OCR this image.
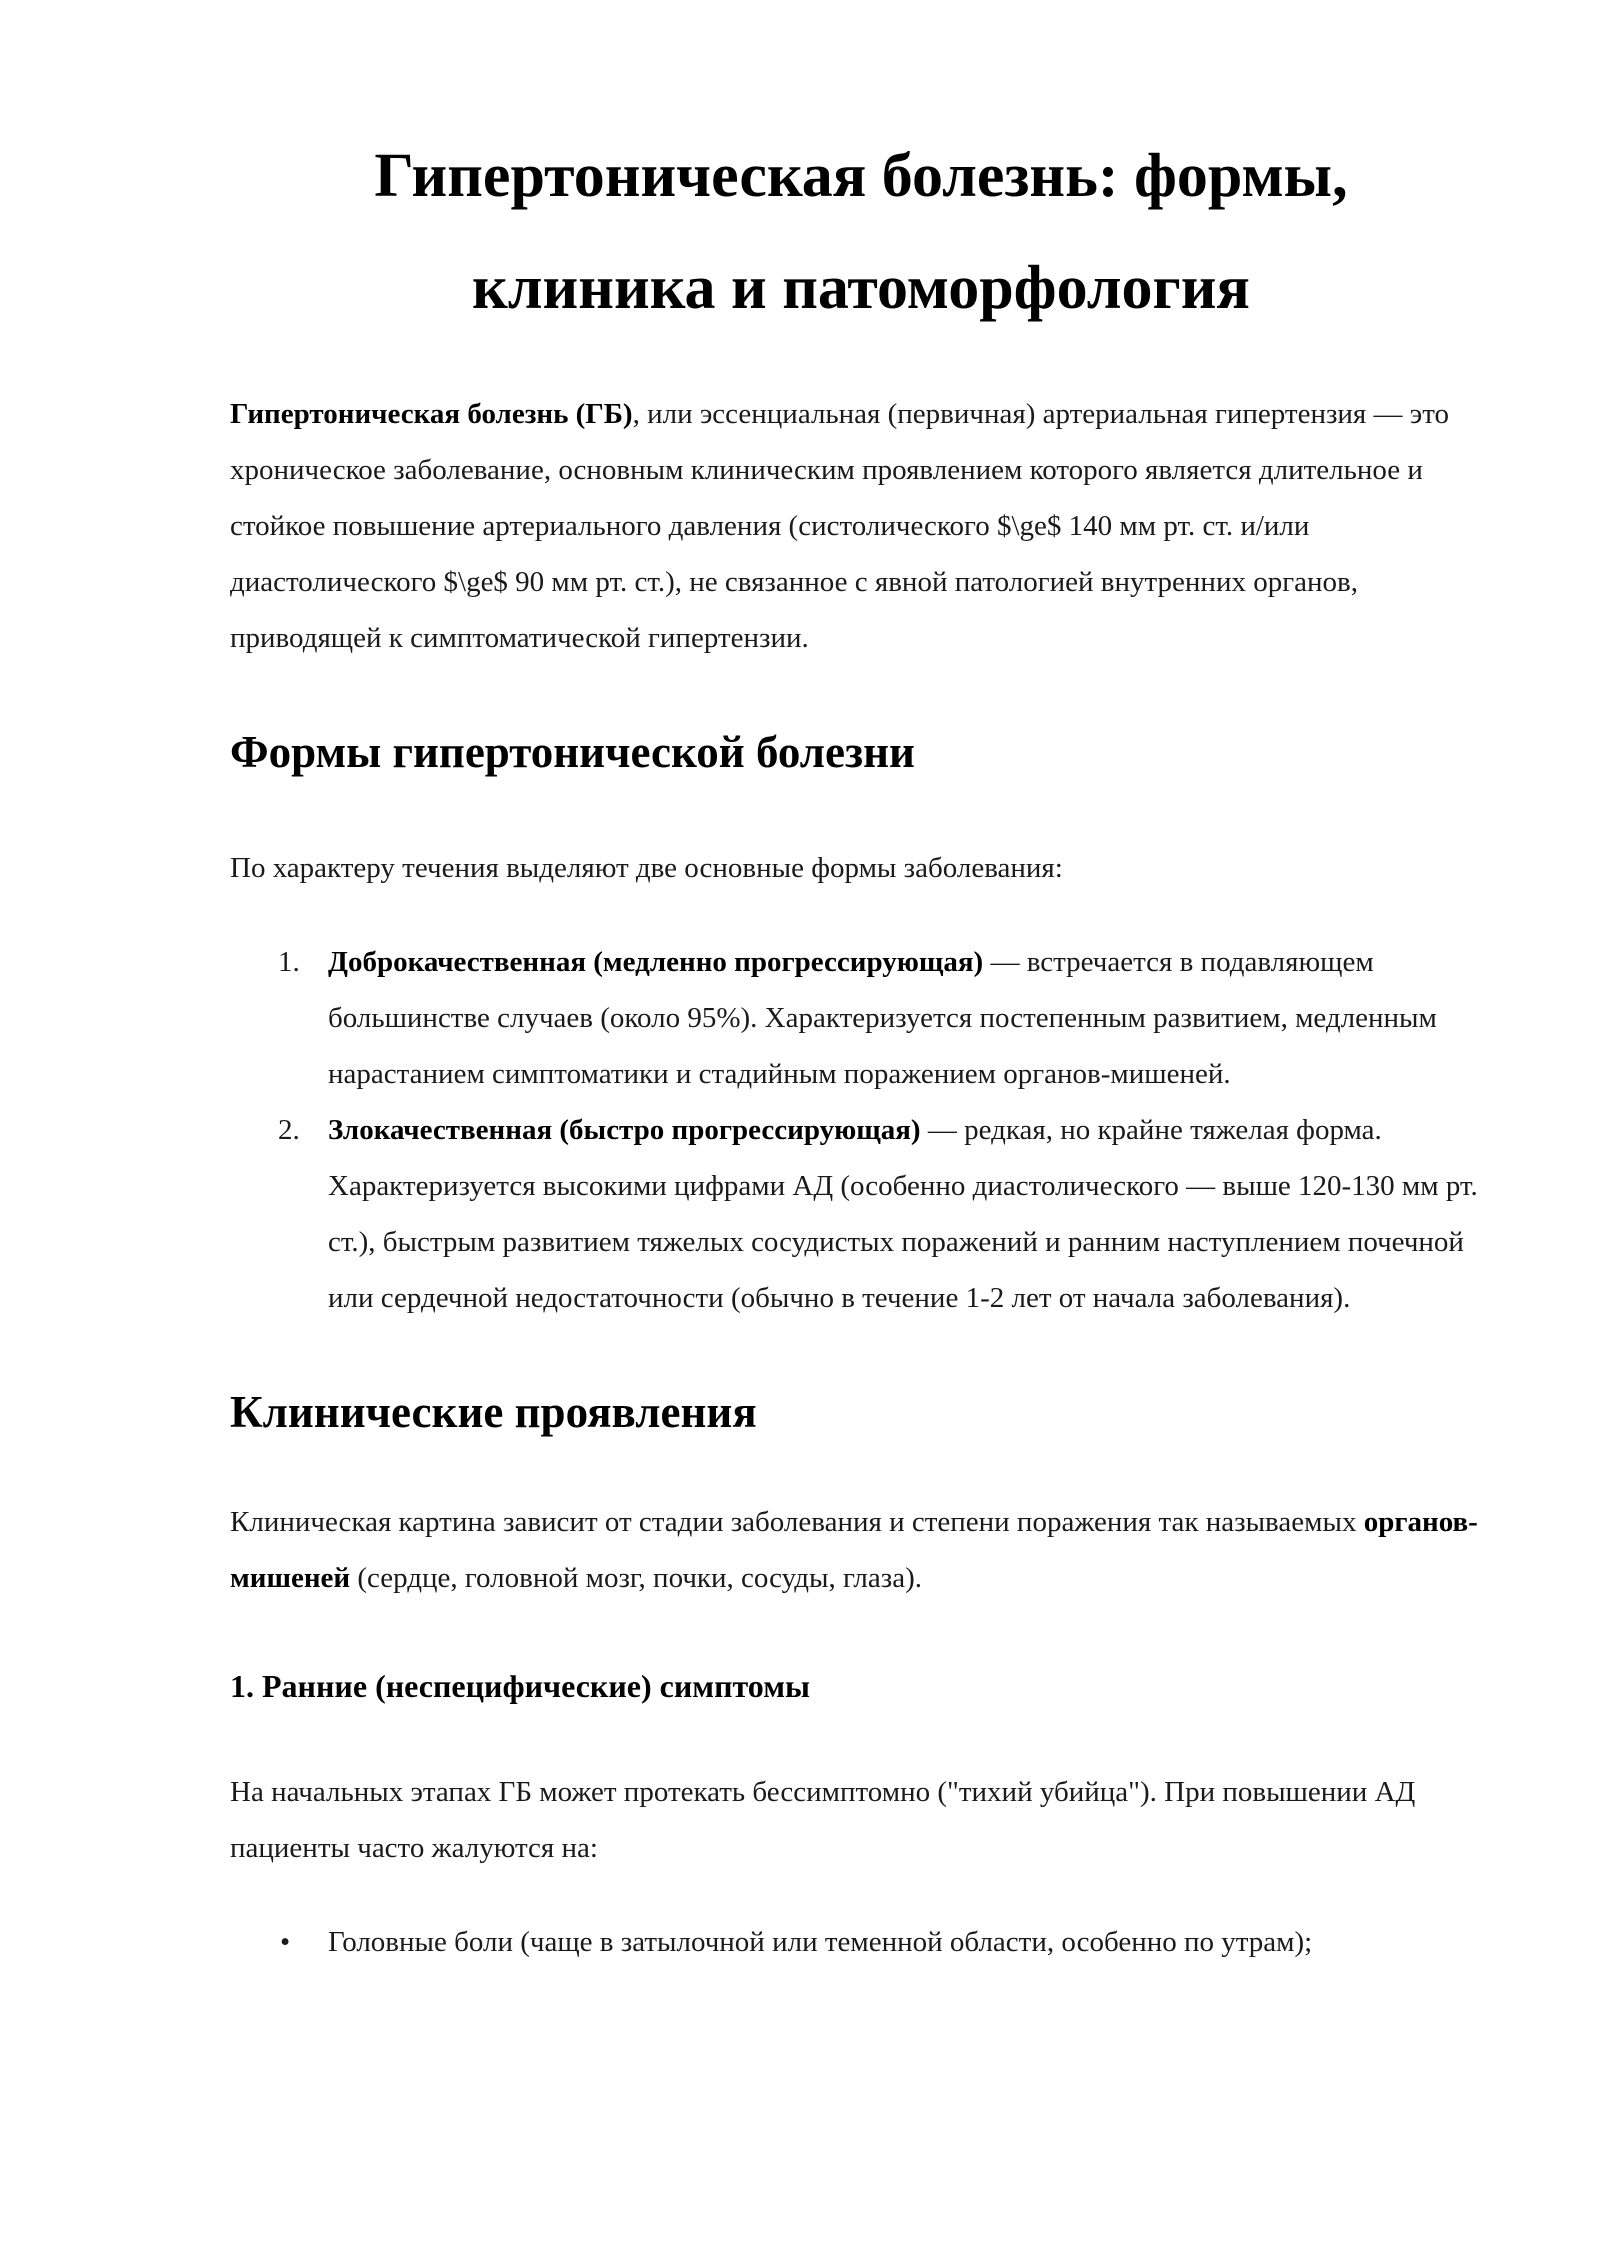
Гипертоническая болезнь: формы,
клиника и патоморфология

Гипертоническая болезнь (ГБ), или эссенциальная (первичная) артериальная гипертензия — это хроническое заболевание, основным клиническим проявлением которого является длительное и стойкое повышение артериального давления (систолического $\ge$ 140 мм рт. ст. и/или диастолического $\ge$ 90 мм рт. ст.), не связанное с явной патологией внутренних органов, приводящей к симптоматической гипертензии.

Формы гипертонической болезни

По характеру течения выделяют две основные формы заболевания:

1. Доброкачественная (медленно прогрессирующая) — встречается в подавляющем большинстве случаев (около 95%). Характеризуется постепенным развитием, медленным нарастанием симптоматики и стадийным поражением органов-мишеней.
2. Злокачественная (быстро прогрессирующая) — редкая, но крайне тяжелая форма. Характеризуется высокими цифрами АД (особенно диастолического — выше 120-130 мм рт. ст.), быстрым развитием тяжелых сосудистых поражений и ранним наступлением почечной или сердечной недостаточности (обычно в течение 1-2 лет от начала заболевания).
Клинические проявления

Клиническая картина зависит от стадии заболевания и степени поражения так называемых органов-мишеней (сердце, головной мозг, почки, сосуды, глаза).

1. Ранние (неспецифические) симптомы

На начальных этапах ГБ может протекать бессимптомно ("тихий убийца"). При повышении АД пациенты часто жалуются на:

• Головные боли (чаще в затылочной или теменной области, особенно по утрам);
